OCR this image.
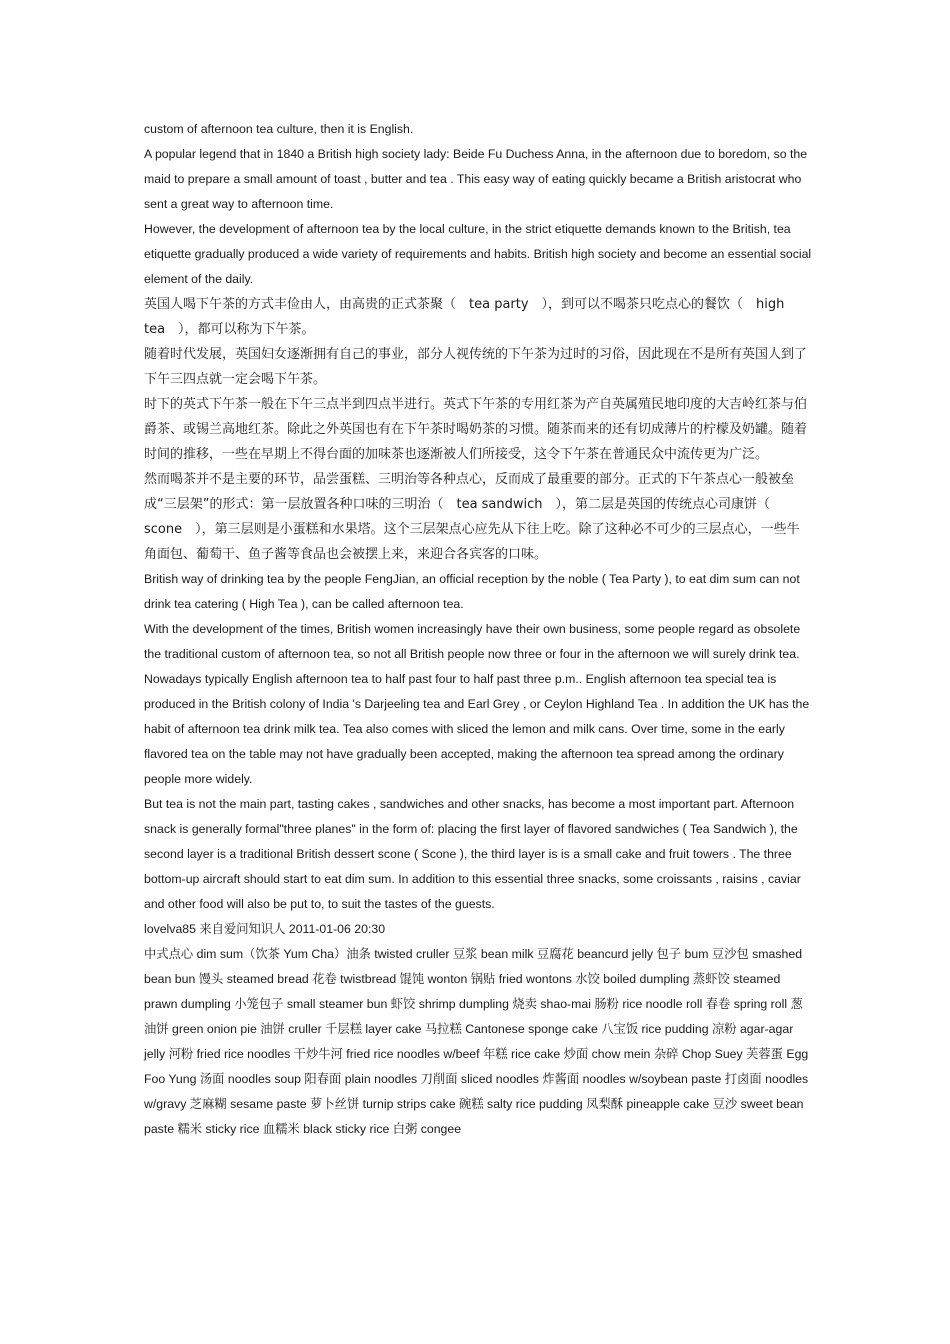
custom of afternoon tea culture, then it is English.

A popular legend that in 1840 a British high society lady: Beide Fu Duchess Anna, in the afternoon due to boredom, so the maid to prepare a small amount of toast , butter and tea . This easy way of eating quickly became a British aristocrat who sent a great way to afternoon time.

However, the development of afternoon tea by the local culture, in the strict etiquette demands known to the British, tea etiquette gradually produced a wide variety of requirements and habits. British high society and become an essential social element of the daily.

英国人喝下午茶的方式丰俭由人，由高贵的正式茶聚（　tea party　），到可以不喝茶只吃点心的餐饮（　high tea　），都可以称为下午茶。

随着时代发展，英国妇女逐渐拥有自己的事业，部分人视传统的下午茶为过时的习俗，因此现在不是所有英国人到了下午三四点就一定会喝下午茶。

时下的英式下午茶一般在下午三点半到四点半进行。英式下午茶的专用红茶为产自英属殖民地印度的大吉岭红茶与伯爵茶、或锡兰高地红茶。除此之外英国也有在下午茶时喝奶茶的习惯。随茶而来的还有切成薄片的柠檬及奶罐。随着时间的推移，一些在早期上不得台面的加味茶也逐渐被人们所接受，这令下午茶在普通民众中流传更为广泛。

然而喝茶并不是主要的环节，品尝蛋糕、三明治等各种点心，反而成了最重要的部分。正式的下午茶点心一般被垒成“三层架”的形式：第一层放置各种口味的三明治（　tea sandwich　），第二层是英国的传统点心司康饼（　scone　），第三层则是小蛋糕和水果塔。这个三层架点心应先从下往上吃。除了这种必不可少的三层点心，一些牛角面包、葡萄干、鱼子酱等食品也会被摆上来，来迎合各宾客的口味。

British way of drinking tea by the people FengJian, an official reception by the noble ( Tea Party ), to eat dim sum can not drink tea catering ( High Tea ), can be called afternoon tea.

With the development of the times, British women increasingly have their own business, some people regard as obsolete the traditional custom of afternoon tea, so not all British people now three or four in the afternoon we will surely drink tea.

Nowadays typically English afternoon tea to half past four to half past three p.m.. English afternoon tea special tea is produced in the British colony of India 's Darjeeling tea and Earl Grey , or Ceylon Highland Tea . In addition the UK has the habit of afternoon tea drink milk tea. Tea also comes with sliced the lemon and milk cans. Over time, some in the early flavored tea on the table may not have gradually been accepted, making the afternoon tea spread among the ordinary people more widely.

But tea is not the main part, tasting cakes , sandwiches and other snacks, has become a most important part. Afternoon snack is generally formal"three planes" in the form of: placing the first layer of flavored sandwiches ( Tea Sandwich ), the second layer is a traditional British dessert scone ( Scone ), the third layer is is a small cake and fruit towers . The three bottom-up aircraft should start to eat dim sum. In addition to this essential three snacks, some croissants , raisins , caviar and other food will also be put to, to suit the tastes of the guests.

lovelva85 来自爱问知识人 2011-01-06 20:30

中式点心 dim sum（饮茶 Yum Cha）油条 twisted cruller 豆浆 bean milk 豆腐花 beancurd jelly 包子 bum 豆沙包 smashed bean bun 馒头 steamed bread 花卷 twistbread 馄饨 wonton 锅贴 fried wontons 水饺 boiled dumpling 蒸虾饺 steamed prawn dumpling 小笼包子 small steamer bun 虾饺 shrimp dumpling 烧卖 shao-mai 肠粉 rice noodle roll 春卷 spring roll 葱油饼 green onion pie 油饼 cruller 千层糕 layer cake 马拉糕 Cantonese sponge cake 八宝饭 rice pudding 凉粉 agar-agar jelly 河粉 fried rice noodles 干炒牛河 fried rice noodles w/beef 年糕 rice cake 炒面 chow mein 杂碎 Chop Suey 芙蓉蛋 Egg Foo Yung 汤面 noodles soup 阳春面 plain noodles 刀削面 sliced noodles 炸酱面 noodles w/soybean paste 打卤面 noodles w/gravy 芝麻糊 sesame paste 萝卜丝饼 turnip strips cake 碗糕 salty rice pudding 凤梨酥 pineapple cake 豆沙 sweet bean paste 糯米 sticky rice 血糯米 black sticky rice 白粥 congee
